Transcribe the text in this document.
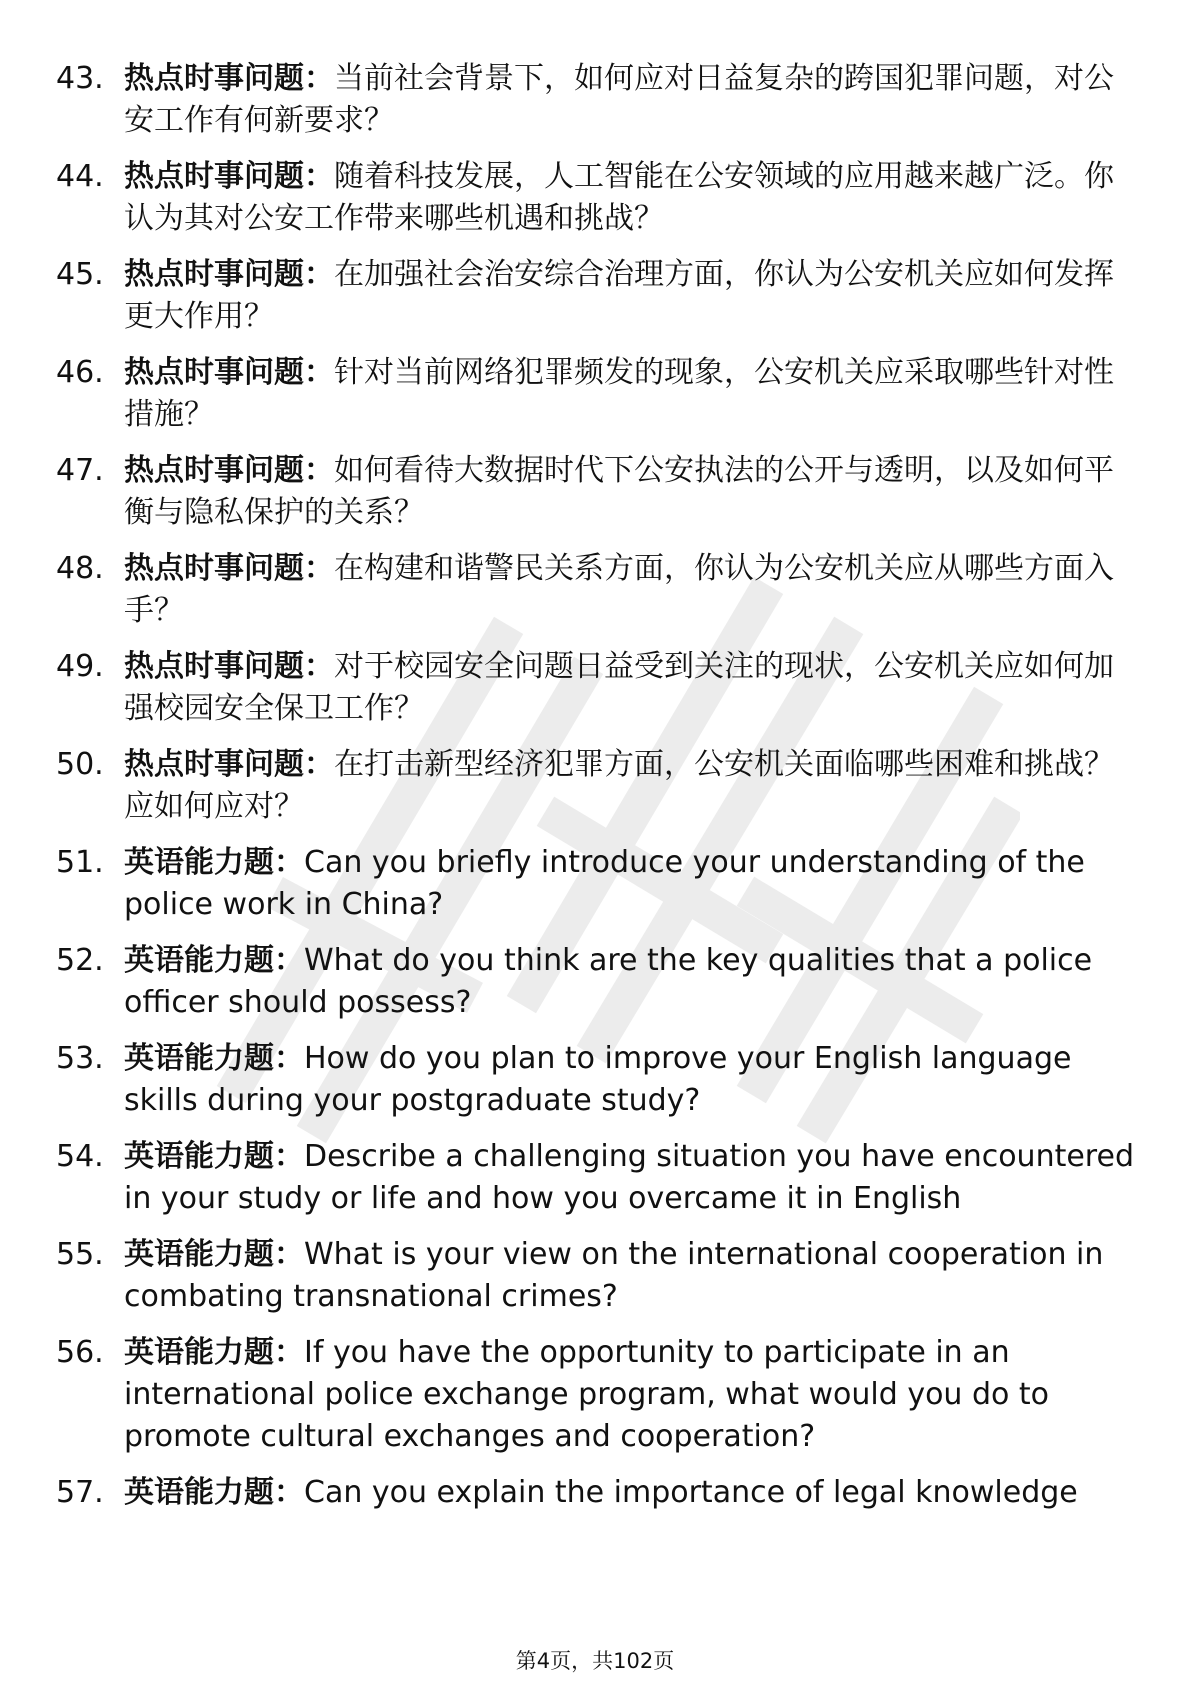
43. 热点时事问题：当前社会背景下，如何应对日益复杂的跨国犯罪问题，对公安工作有何新要求？
44. 热点时事问题：随着科技发展，人工智能在公安领域的应用越来越广泛。你认为其对公安工作带来哪些机遇和挑战？
45. 热点时事问题：在加强社会治安综合治理方面，你认为公安机关应如何发挥更大作用？
46. 热点时事问题：针对当前网络犯罪频发的现象，公安机关应采取哪些针对性措施？
47. 热点时事问题：如何看待大数据时代下公安执法的公开与透明，以及如何平衡与隐私保护的关系？
48. 热点时事问题：在构建和谐警民关系方面，你认为公安机关应从哪些方面入手？
49. 热点时事问题：对于校园安全问题日益受到关注的现状，公安机关应如何加强校园安全保卫工作？
50. 热点时事问题：在打击新型经济犯罪方面，公安机关面临哪些困难和挑战？应如何应对？
51. 英语能力题：Can you briefly introduce your understanding of the police work in China?
52. 英语能力题：What do you think are the key qualities that a police officer should possess?
53. 英语能力题：How do you plan to improve your English language skills during your postgraduate study?
54. 英语能力题：Describe a challenging situation you have encountered in your study or life and how you overcame it in English
55. 英语能力题：What is your view on the international cooperation in combating transnational crimes?
56. 英语能力题：If you have the opportunity to participate in an international police exchange program, what would you do to promote cultural exchanges and cooperation?
57. 英语能力题：Can you explain the importance of legal knowledge
第4页，共102页
